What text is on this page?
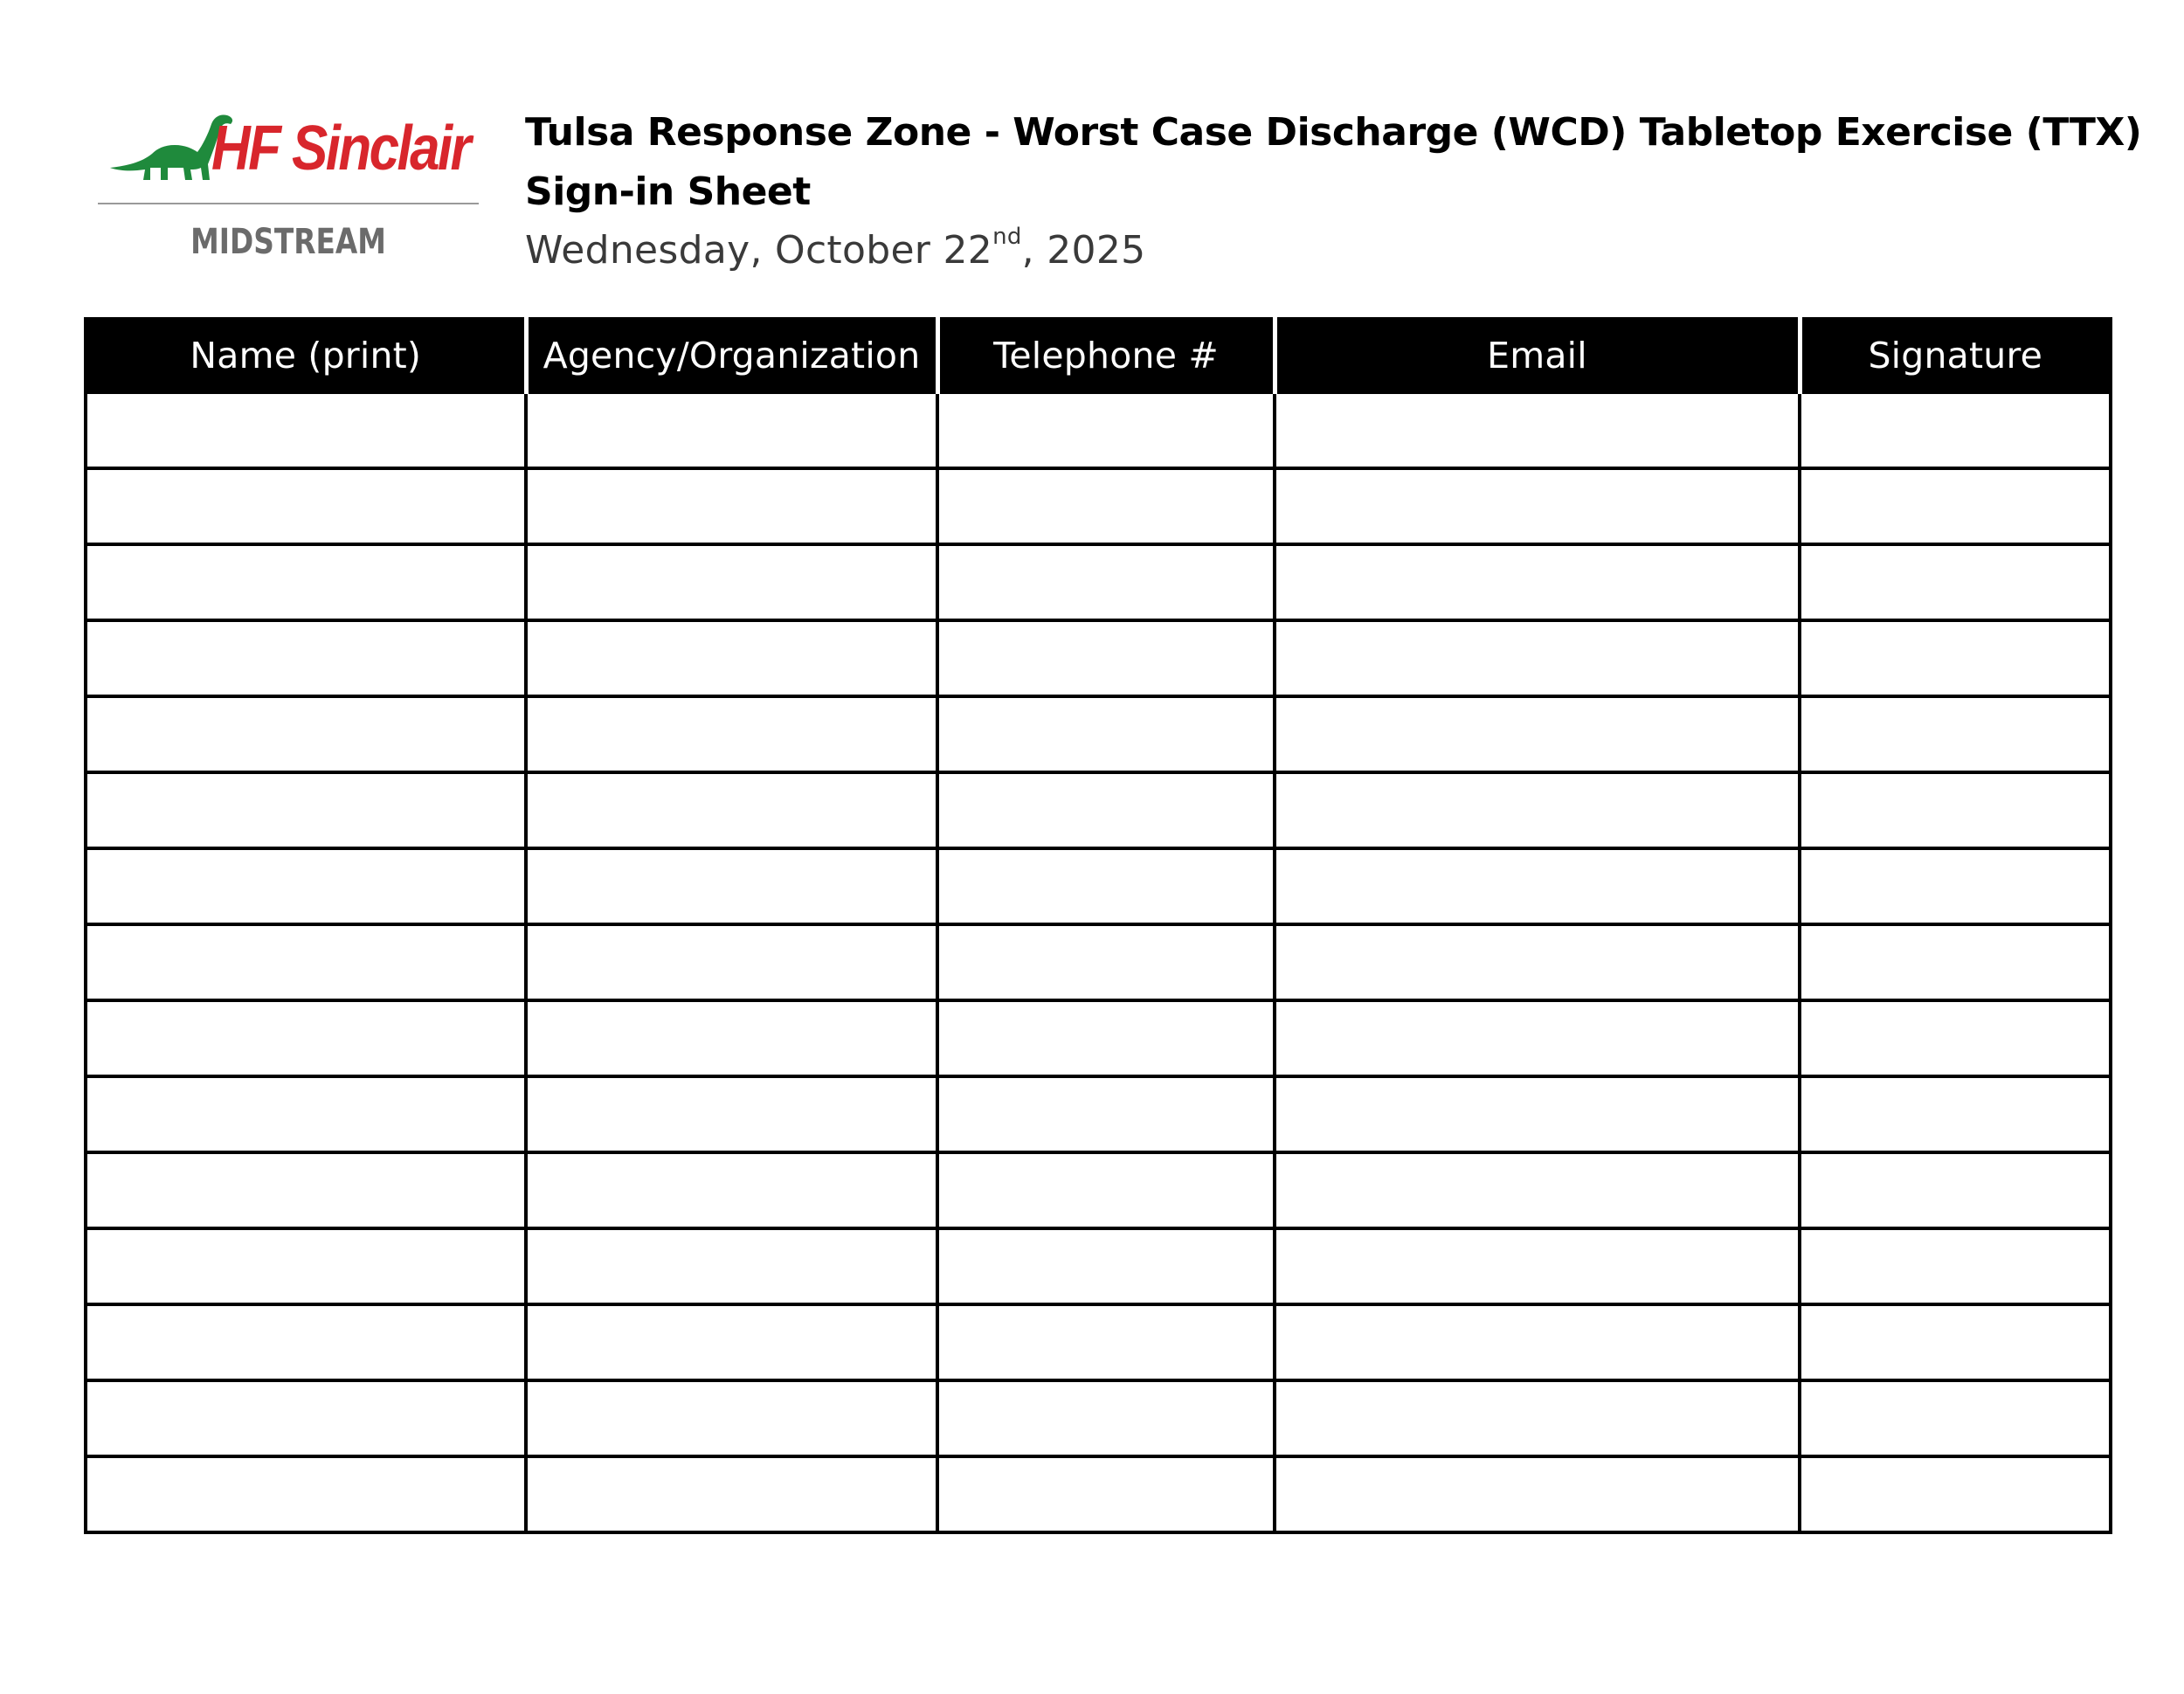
HF Sinclair
MIDSTREAM
Tulsa Response Zone - Worst Case Discharge (WCD) Tabletop Exercise (TTX)
Sign-in Sheet
Wednesday, October 22nd, 2025
Name (print)	Agency/Organization	Telephone #	Email	Signature
